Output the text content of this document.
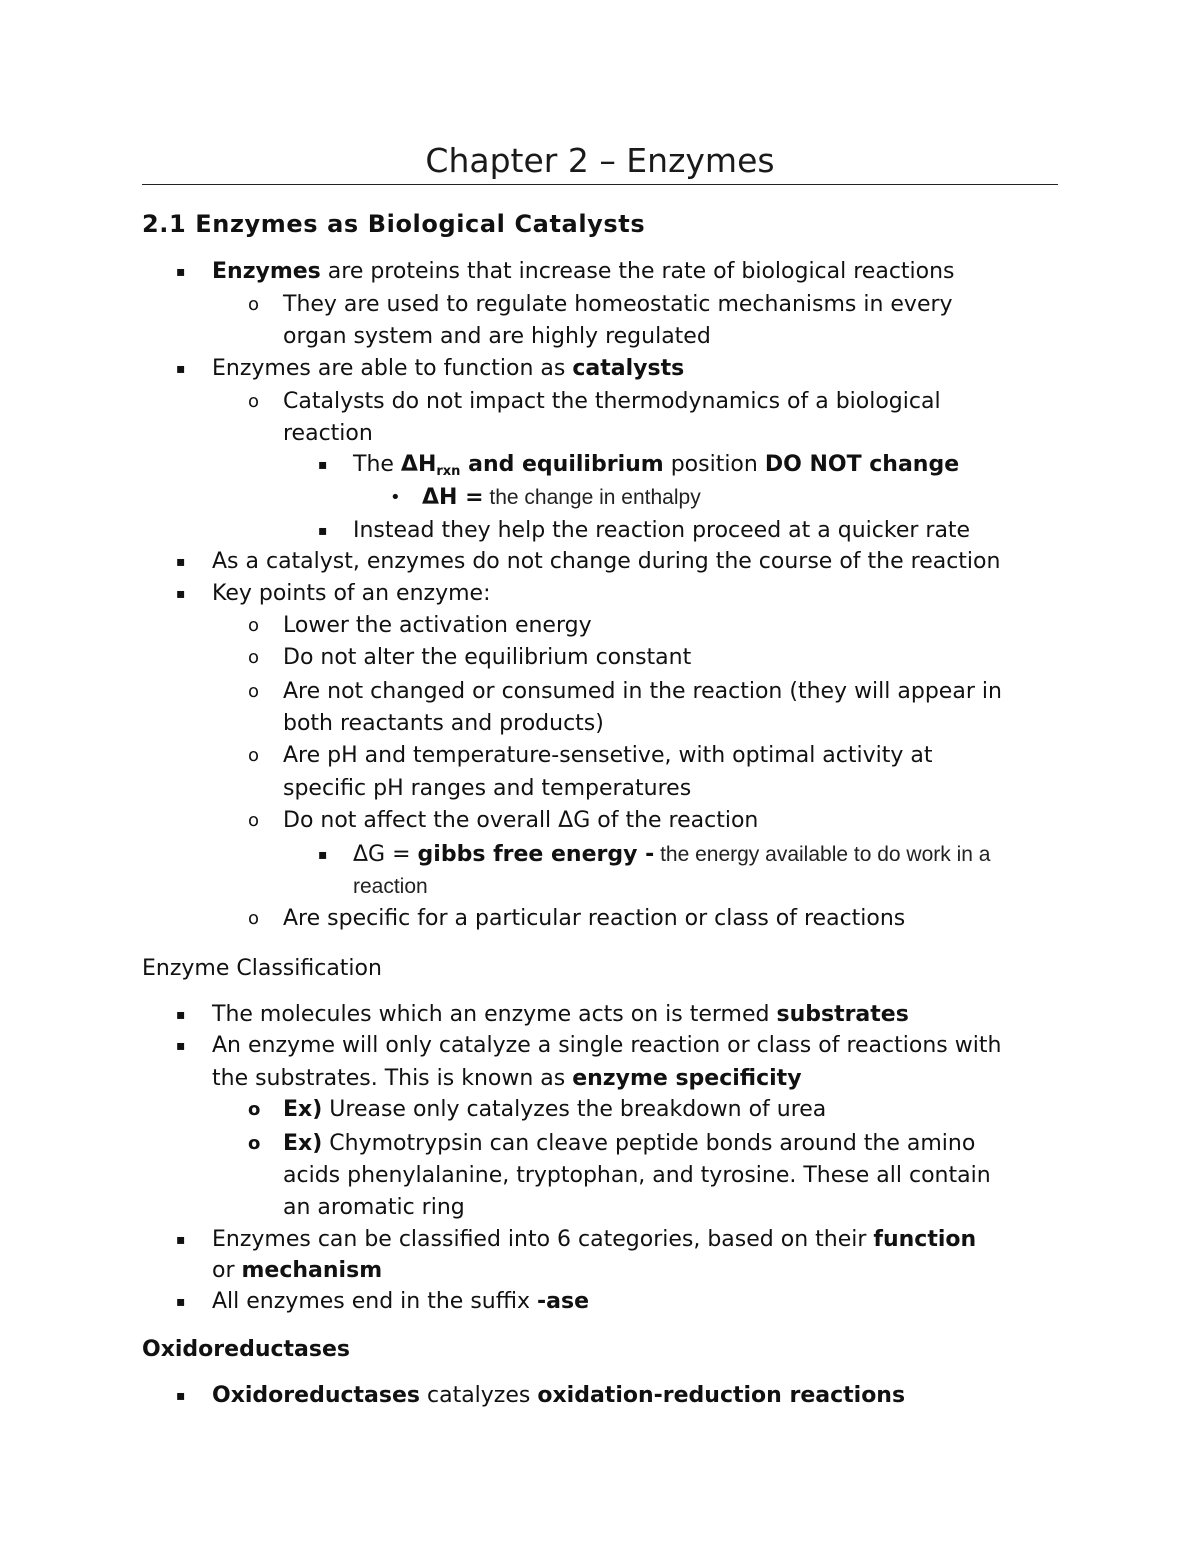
Chapter 2 – Enzymes
2.1 Enzymes as Biological Catalysts
▪ Enzymes are proteins that increase the rate of biological reactions
o They are used to regulate homeostatic mechanisms in every
organ system and are highly regulated
▪ Enzymes are able to function as catalysts
o Catalysts do not impact the thermodynamics of a biological
reaction
▪ The ΔHrxn and equilibrium position DO NOT change
• ΔH = the change in enthalpy
▪ Instead they help the reaction proceed at a quicker rate
▪ As a catalyst, enzymes do not change during the course of the reaction
▪ Key points of an enzyme:
o Lower the activation energy
o Do not alter the equilibrium constant
o Are not changed or consumed in the reaction (they will appear in
both reactants and products)
o Are pH and temperature-sensetive, with optimal activity at
specific pH ranges and temperatures
o Do not affect the overall ΔG of the reaction
▪ ΔG = gibbs free energy - the energy available to do work in a
reaction
o Are specific for a particular reaction or class of reactions
Enzyme Classification
▪ The molecules which an enzyme acts on is termed substrates
▪ An enzyme will only catalyze a single reaction or class of reactions with
the substrates. This is known as enzyme specificity
o Ex) Urease only catalyzes the breakdown of urea
o Ex) Chymotrypsin can cleave peptide bonds around the amino
acids phenylalanine, tryptophan, and tyrosine. These all contain
an aromatic ring
▪ Enzymes can be classified into 6 categories, based on their function
or mechanism
▪ All enzymes end in the suffix -ase
Oxidoreductases
▪ Oxidoreductases catalyzes oxidation-reduction reactions
